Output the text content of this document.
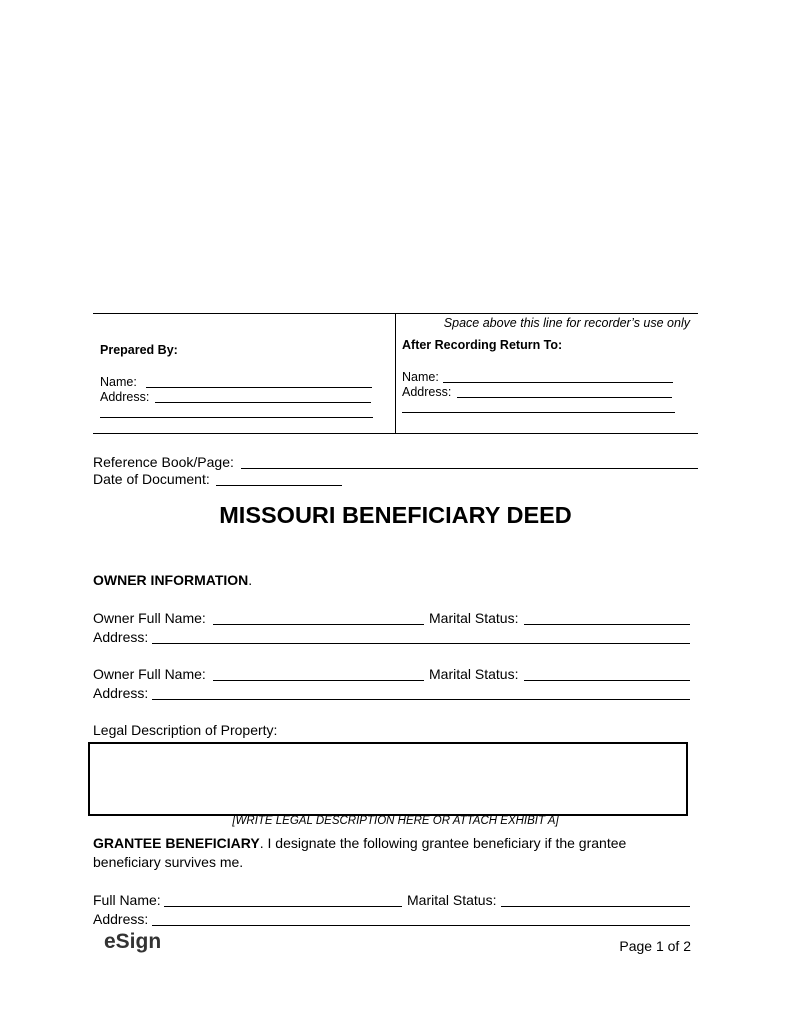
Space above this line for recorder’s use only
Prepared By:
Name:
Address:
After Recording Return To:
Name:
Address:
Reference Book/Page:
Date of Document:
MISSOURI BENEFICIARY DEED
OWNER INFORMATION.
Owner Full Name:	Marital Status:
Address:
Owner Full Name:	Marital Status:
Address:
Legal Description of Property:
[WRITE LEGAL DESCRIPTION HERE OR ATTACH EXHIBIT A]
GRANTEE BENEFICIARY. I designate the following grantee beneficiary if the grantee
beneficiary survives me.
Full Name:	Marital Status:
Address:
eSign	Page 1 of 2
